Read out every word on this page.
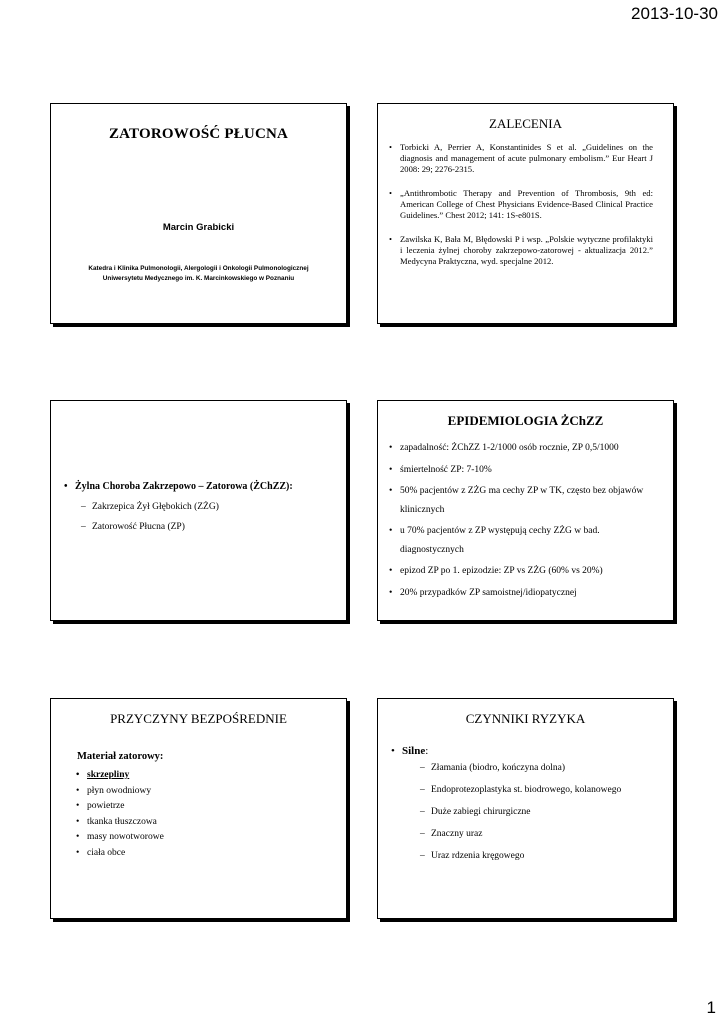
2013-10-30
ZATOROWOŚĆ PŁUCNA
Marcin Grabicki
Katedra i Klinika Pulmonologii, Alergologii i Onkologii Pulmonologicznej
Uniwersytetu Medycznego im. K. Marcinkowskiego w Poznaniu
ZALECENIA
• Torbicki A, Perrier A, Konstantinides S et al. „Guidelines on the diagnosis and management of acute pulmonary embolism.” Eur Heart J 2008: 29; 2276-2315.
• „Antithrombotic Therapy and Prevention of Thrombosis, 9th ed: American College of Chest Physicians Evidence-Based Clinical Practice Guidelines.” Chest 2012; 141: 1S-e801S.
• Zawilska K, Bała M, Błędowski P i wsp. „Polskie wytyczne profilaktyki i leczenia żylnej choroby zakrzepowo-zatorowej - aktualizacja 2012.” Medycyna Praktyczna, wyd. specjalne 2012.
• Żylna Choroba Zakrzepowo – Zatorowa (ŻChZZ):
– Zakrzepica Żył Głębokich (ZŻG)
– Zatorowość Płucna (ZP)
EPIDEMIOLOGIA ŻChZZ
• zapadalność: ŻChZZ 1-2/1000 osób rocznie, ZP 0,5/1000
• śmiertelność ZP: 7-10%
• 50% pacjentów z ZŻG ma cechy ZP w TK, często bez objawów klinicznych
• u 70% pacjentów z ZP występują cechy ZŻG w bad. diagnostycznych
• epizod ZP po 1. epizodzie: ZP vs ZŻG (60% vs 20%)
• 20% przypadków ZP samoistnej/idiopatycznej
PRZYCZYNY BEZPOŚREDNIE
Materiał zatorowy:
• skrzepliny
• płyn owodniowy
• powietrze
• tkanka tłuszczowa
• masy nowotworowe
• ciała obce
CZYNNIKI RYZYKA
• Silne:
– Złamania (biodro, kończyna dolna)
– Endoprotezoplastyka st. biodrowego, kolanowego
– Duże zabiegi chirurgiczne
– Znaczny uraz
– Uraz rdzenia kręgowego
1
